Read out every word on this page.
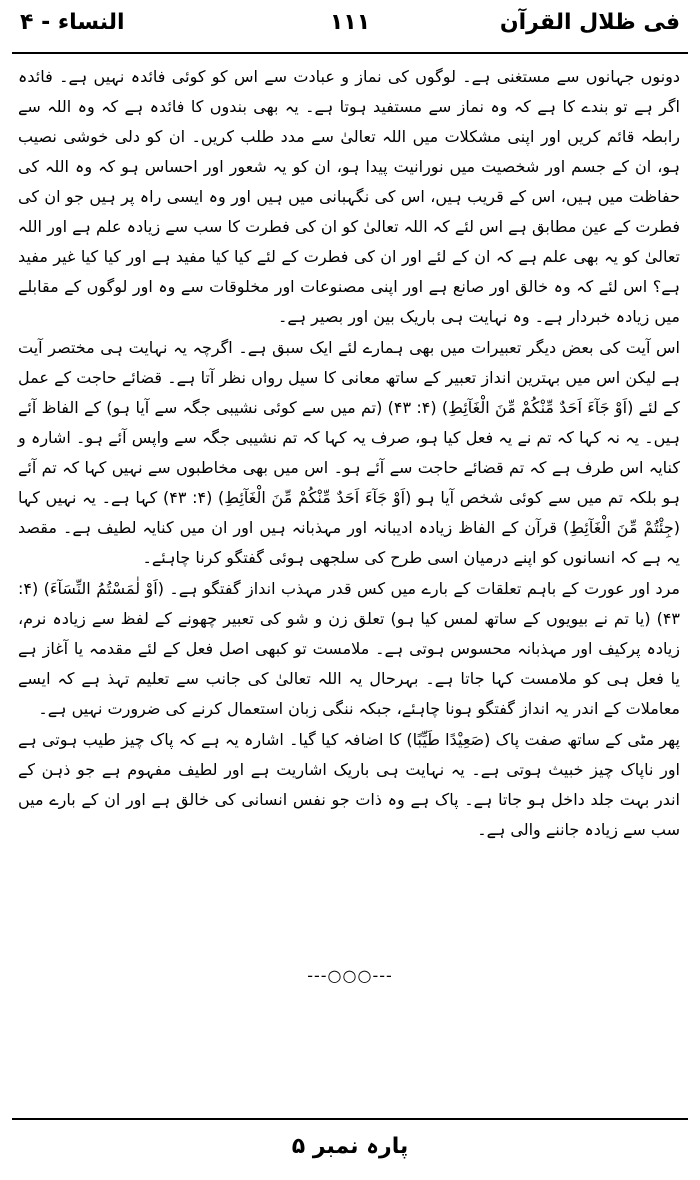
فی ظلال القرآن
۱۱۱
النساء - ۴

دونوں جہانوں سے مستغنی ہے۔ لوگوں کی نماز و عبادت سے اس کو کوئی فائدہ نہیں ہے۔ فائدہ اگر ہے تو بندے کا ہے کہ وہ نماز سے مستفید ہوتا ہے۔ یہ بھی بندوں کا فائدہ ہے کہ وہ اللہ سے رابطہ قائم کریں اور اپنی مشکلات میں اللہ تعالیٰ سے مدد طلب کریں۔ ان کو دلی خوشی نصیب ہو، ان کے جسم اور شخصیت میں نورانیت پیدا ہو، ان کو یہ شعور اور احساس ہو کہ وہ اللہ کی حفاظت میں ہیں، اس کے قریب ہیں، اس کی نگہبانی میں ہیں اور وہ ایسی راہ پر ہیں جو ان کی فطرت کے عین مطابق ہے اس لئے کہ اللہ تعالیٰ کو ان کی فطرت کا سب سے زیادہ علم ہے اور اللہ تعالیٰ کو یہ بھی علم ہے کہ ان کے لئے اور ان کی فطرت کے لئے کیا کیا مفید ہے اور کیا کیا غیر مفید ہے؟ اس لئے کہ وہ خالق اور صانع ہے اور اپنی مصنوعات اور مخلوقات سے وہ اور لوگوں کے مقابلے میں زیادہ خبردار ہے۔ وہ نہایت ہی باریک بین اور بصیر ہے۔

اس آیت کی بعض دیگر تعبیرات میں بھی ہمارے لئے ایک سبق ہے۔ اگرچہ یہ نہایت ہی مختصر آیت ہے لیکن اس میں بہترین انداز تعبیر کے ساتھ معانی کا سیل رواں نظر آتا ہے۔ قضائے حاجت کے عمل کے لئے (اَوْ جَآءَ اَحَدٌ مِّنْكُمْ مِّنَ الْغَآئِطِ) (۴: ۴۳) (تم میں سے کوئی نشیبی جگہ سے آیا ہو) کے الفاظ آئے ہیں۔ یہ نہ کہا کہ تم نے یہ فعل کیا ہو، صرف یہ کہا کہ تم نشیبی جگہ سے واپس آئے ہو۔ اشارہ و کنایہ اس طرف ہے کہ تم قضائے حاجت سے آئے ہو۔ اس میں بھی مخاطبوں سے نہیں کہا کہ تم آئے ہو بلکہ تم میں سے کوئی شخص آیا ہو (اَوْ جَآءَ اَحَدٌ مِّنْكُمْ مِّنَ الْغَآئِطِ) (۴: ۴۳) کہا ہے۔ یہ نہیں کہا (جِئْتُمْ مِّنَ الْغَآئِطِ) قرآن کے الفاظ زیادہ ادیبانہ اور مہذبانہ ہیں اور ان میں کنایہ لطیف ہے۔ مقصد یہ ہے کہ انسانوں کو اپنے درمیان اسی طرح کی سلجھی ہوئی گفتگو کرنا چاہئے۔

مرد اور عورت کے باہم تعلقات کے بارے میں کس قدر مہذب انداز گفتگو ہے۔ (اَوْ لٰمَسْتُمُ النِّسَآءَ) (۴: ۴۳) (یا تم نے بیویوں کے ساتھ لمس کیا ہو) تعلق زن و شو کی تعبیر چھونے کے لفظ سے زیادہ نرم، زیادہ پرکیف اور مہذبانہ محسوس ہوتی ہے۔ ملامست تو کبھی اصل فعل کے لئے مقدمہ یا آغاز ہے یا فعل ہی کو ملامست کہا جاتا ہے۔ بہرحال یہ اللہ تعالیٰ کی جانب سے تعلیم تہذ ہے کہ ایسے معاملات کے اندر یہ انداز گفتگو ہونا چاہئے، جبکہ ننگی زبان استعمال کرنے کی ضرورت نہیں ہے۔

پھر مٹی کے ساتھ صفت پاک (صَعِيْدًا طَيِّبًا) کا اضافہ کیا گیا۔ اشارہ یہ ہے کہ پاک چیز طیب ہوتی ہے اور ناپاک چیز خبیث ہوتی ہے۔ یہ نہایت ہی باریک اشاریت ہے اور لطیف مفہوم ہے جو ذہن کے اندر بہت جلد داخل ہو جاتا ہے۔ پاک ہے وہ ذات جو نفس انسانی کی خالق ہے اور ان کے بارے میں سب سے زیادہ جاننے والی ہے۔

---○○○---
پارہ نمبر ۵
